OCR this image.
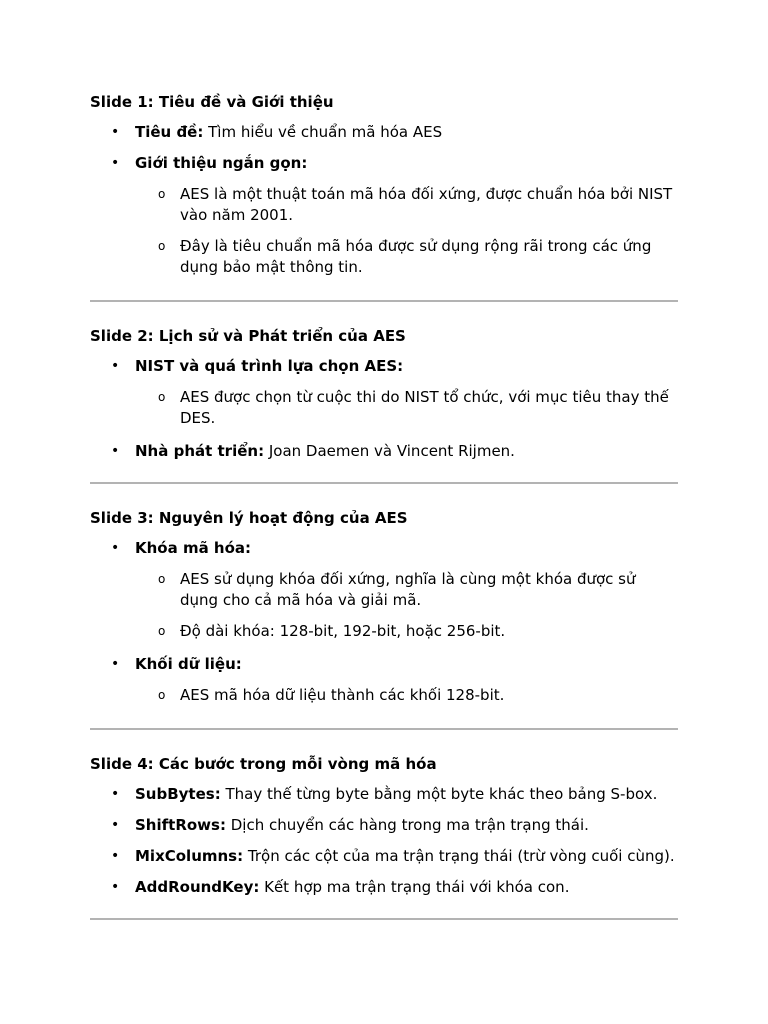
Slide 1: Tiêu đề và Giới thiệu
• Tiêu đề: Tìm hiểu về chuẩn mã hóa AES
• Giới thiệu ngắn gọn:
o AES là một thuật toán mã hóa đối xứng, được chuẩn hóa bởi NIST vào năm 2001.
o Đây là tiêu chuẩn mã hóa được sử dụng rộng rãi trong các ứng dụng bảo mật thông tin.
Slide 2: Lịch sử và Phát triển của AES
• NIST và quá trình lựa chọn AES:
o AES được chọn từ cuộc thi do NIST tổ chức, với mục tiêu thay thế DES.
• Nhà phát triển: Joan Daemen và Vincent Rijmen.
Slide 3: Nguyên lý hoạt động của AES
• Khóa mã hóa:
o AES sử dụng khóa đối xứng, nghĩa là cùng một khóa được sử dụng cho cả mã hóa và giải mã.
o Độ dài khóa: 128-bit, 192-bit, hoặc 256-bit.
• Khối dữ liệu:
o AES mã hóa dữ liệu thành các khối 128-bit.
Slide 4: Các bước trong mỗi vòng mã hóa
• SubBytes: Thay thế từng byte bằng một byte khác theo bảng S-box.
• ShiftRows: Dịch chuyển các hàng trong ma trận trạng thái.
• MixColumns: Trộn các cột của ma trận trạng thái (trừ vòng cuối cùng).
• AddRoundKey: Kết hợp ma trận trạng thái với khóa con.
